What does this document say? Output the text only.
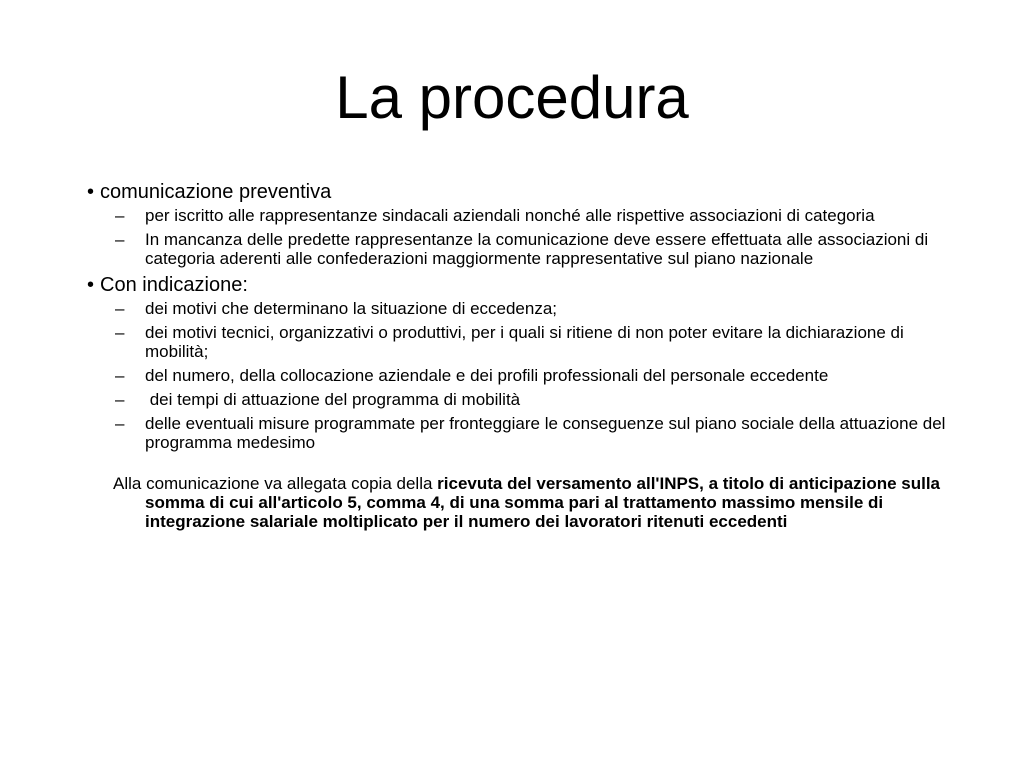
La procedura
• comunicazione preventiva
– per iscritto alle rappresentanze sindacali aziendali nonché alle rispettive associazioni di categoria
– In mancanza delle predette rappresentanze la comunicazione deve essere effettuata alle associazioni di categoria aderenti alle confederazioni maggiormente rappresentative sul piano nazionale
• Con indicazione:
– dei motivi che determinano la situazione di eccedenza;
– dei motivi tecnici, organizzativi o produttivi, per i quali si ritiene di non poter evitare la dichiarazione di mobilità;
– del numero, della collocazione aziendale e dei profili professionali del personale eccedente
– dei tempi di attuazione del programma di mobilità
– delle eventuali misure programmate per fronteggiare le conseguenze sul piano sociale della attuazione del programma medesimo
Alla comunicazione va allegata copia della ricevuta del versamento all'INPS, a titolo di anticipazione sulla somma di cui all'articolo 5, comma 4, di una somma pari al trattamento massimo mensile di integrazione salariale moltiplicato per il numero dei lavoratori ritenuti eccedenti
